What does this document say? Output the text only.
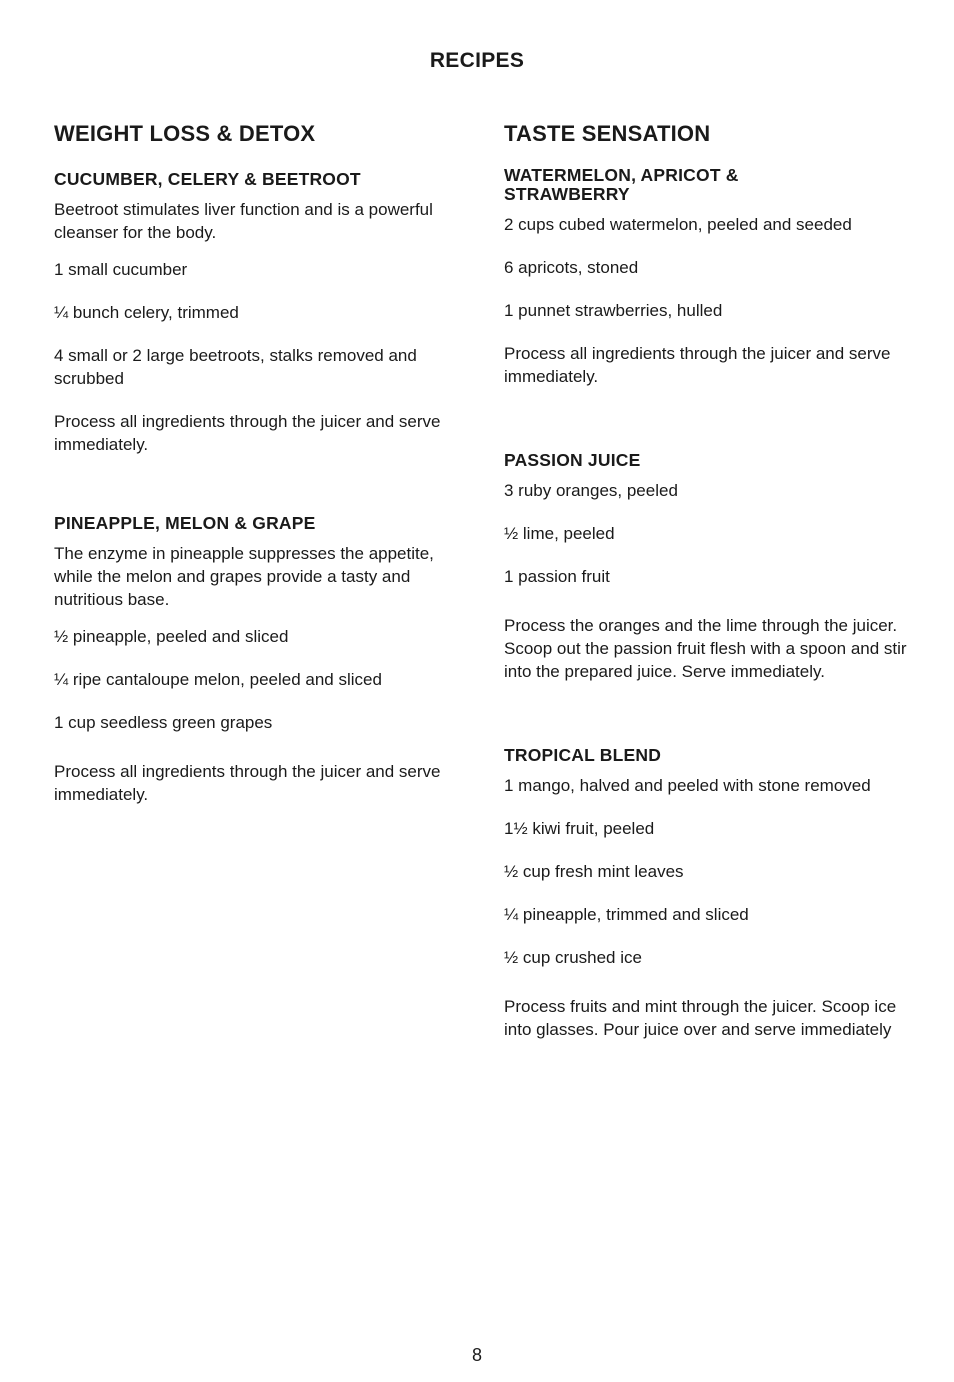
RECIPES
WEIGHT LOSS & DETOX
CUCUMBER, CELERY & BEETROOT

Beetroot stimulates liver function and is a powerful cleanser for the body.

1 small cucumber

¼ bunch celery, trimmed

4 small or 2 large beetroots, stalks removed and scrubbed

Process all ingredients through the juicer and serve immediately.

PINEAPPLE, MELON & GRAPE

The enzyme in pineapple suppresses the appetite, while the melon and grapes provide a tasty and nutritious base.

½ pineapple, peeled and sliced

¼ ripe cantaloupe melon, peeled and sliced

1 cup seedless green grapes

Process all ingredients through the juicer and serve immediately.

TASTE SENSATION
WATERMELON, APRICOT & STRAWBERRY

2 cups cubed watermelon, peeled and seeded

6 apricots, stoned

1 punnet strawberries, hulled

Process all ingredients through the juicer and serve immediately.

PASSION JUICE

3 ruby oranges, peeled

½ lime, peeled

1 passion fruit

Process the oranges and the lime through the juicer. Scoop out the passion fruit flesh with a spoon and stir into the prepared juice. Serve immediately.

TROPICAL BLEND

1 mango, halved and peeled with stone removed

1½ kiwi fruit, peeled

½ cup fresh mint leaves

¼ pineapple, trimmed and sliced

½ cup crushed ice

Process fruits and mint through the juicer. Scoop ice into glasses. Pour juice over and serve immediately

8
